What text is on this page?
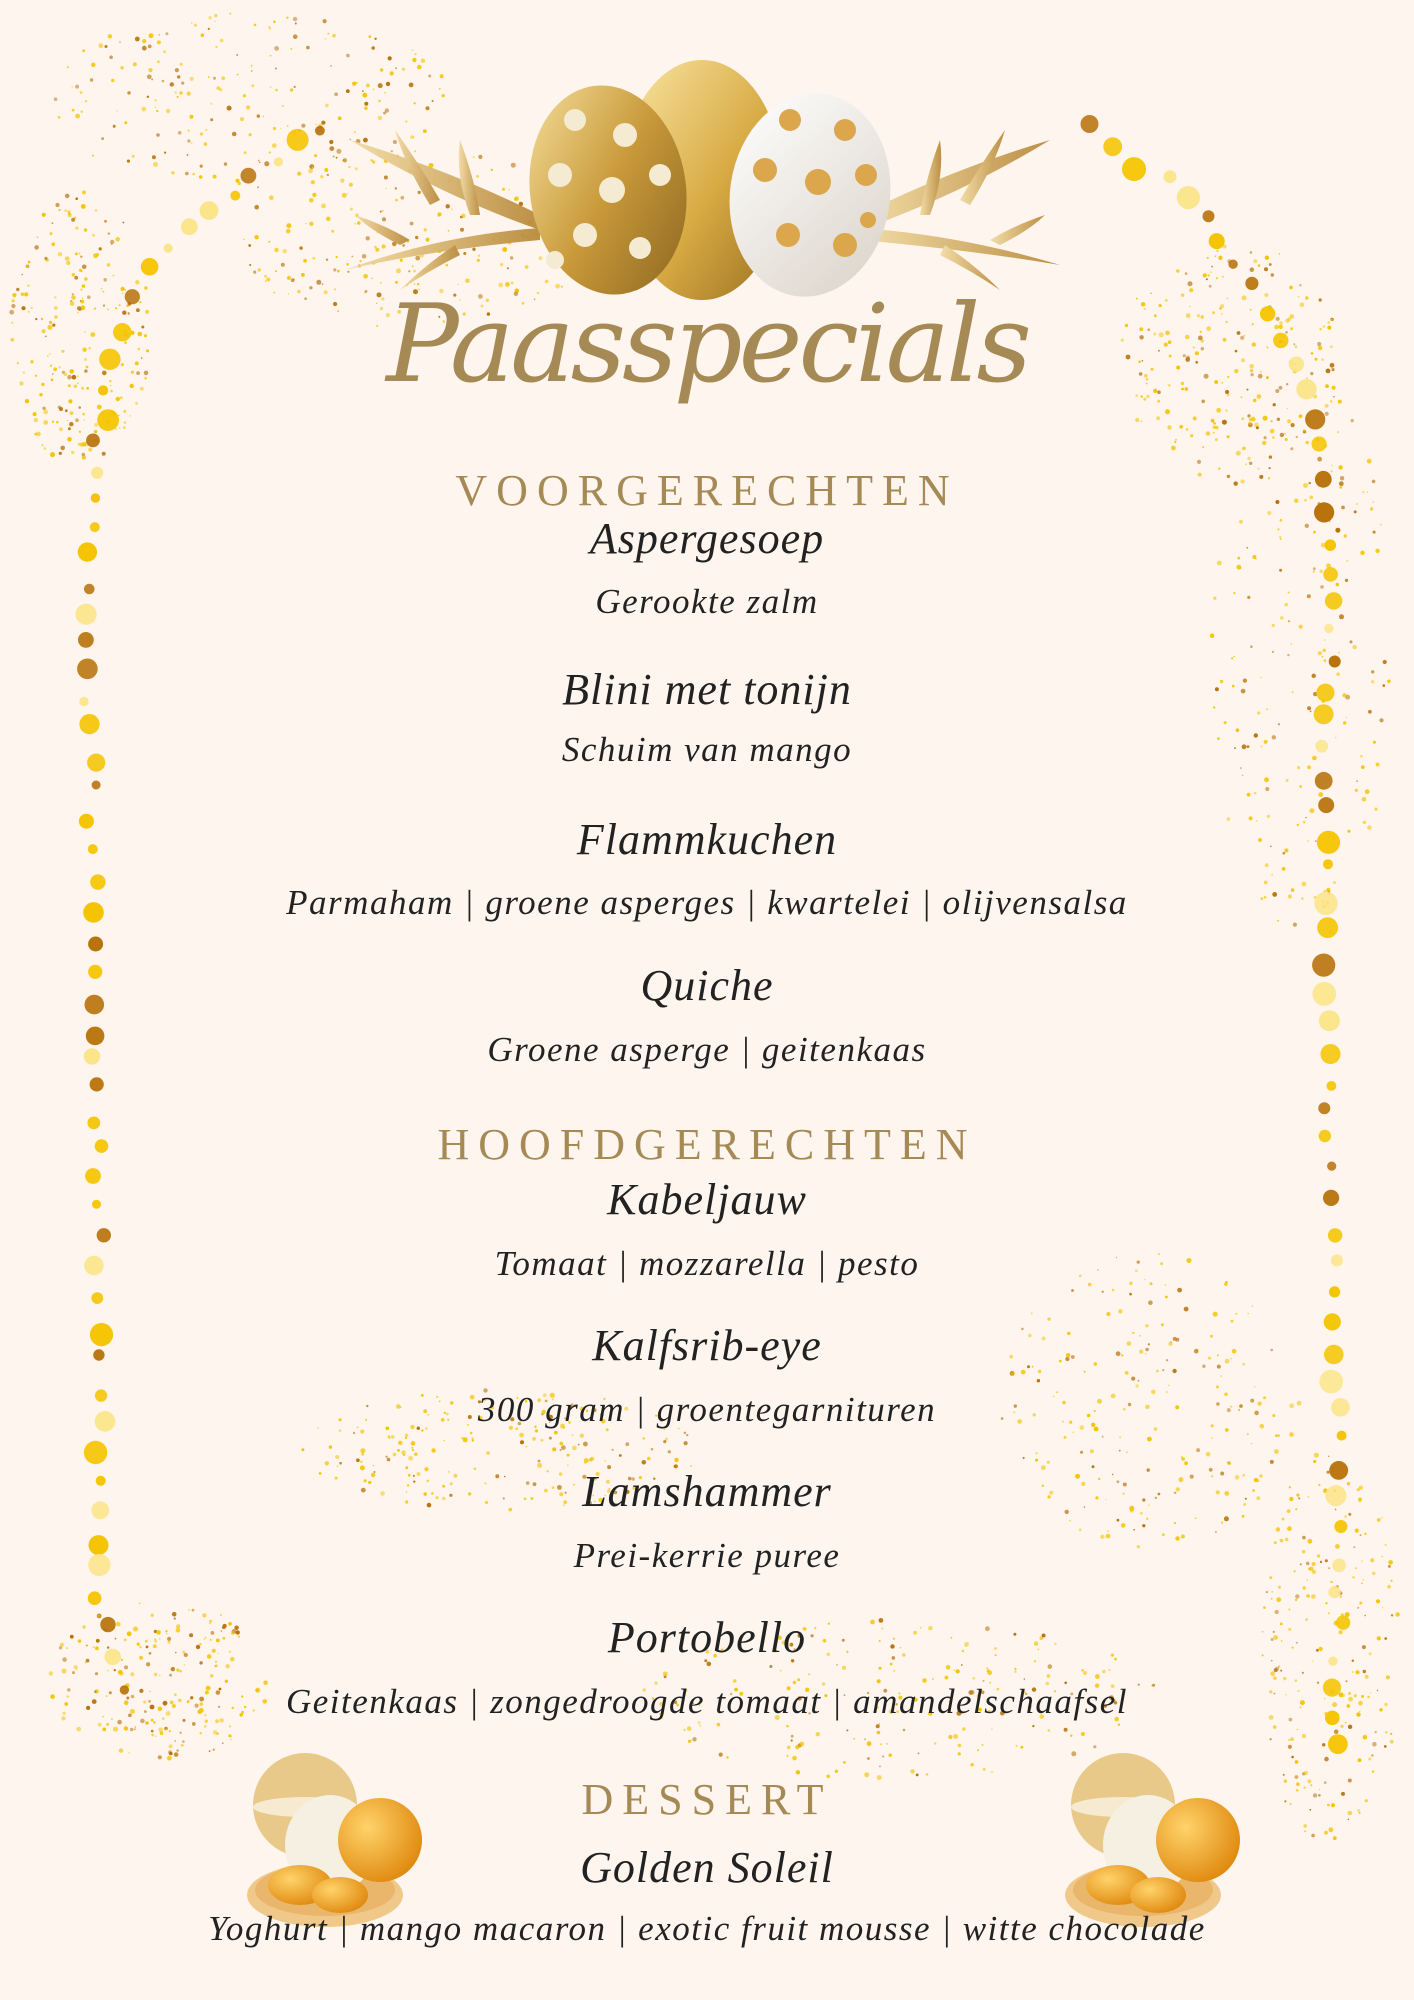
Paasspecials
VOORGERECHTEN
Aspergesoep
Gerookte zalm
Blini met tonijn
Schuim van mango
Flammkuchen
Parmaham | groene asperges | kwartelei | olijvensalsa
Quiche
Groene asperge | geitenkaas
HOOFDGERECHTEN
Kabeljauw
Tomaat | mozzarella | pesto
Kalfsrib-eye
300 gram | groentegarnituren
Lamshammer
Prei-kerrie puree
Portobello
Geitenkaas | zongedroogde tomaat | amandelschaafsel
DESSERT
Golden Soleil
Yoghurt | mango macaron | exotic fruit mousse | witte chocolade
